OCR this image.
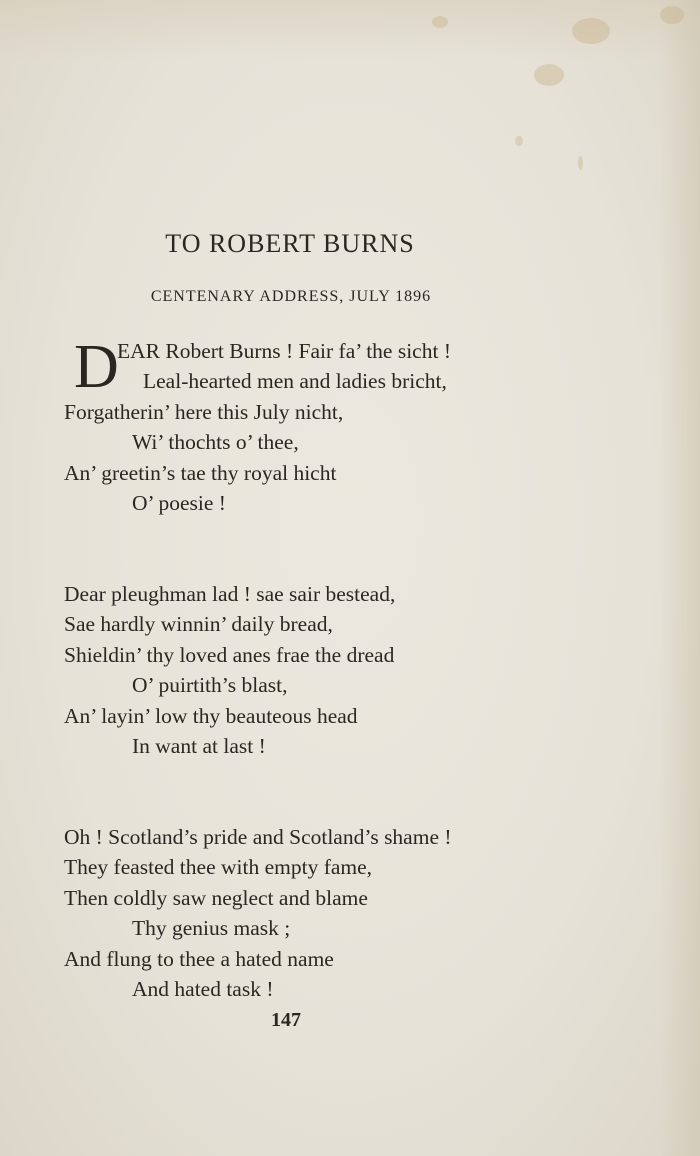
TO ROBERT BURNS
CENTENARY ADDRESS, JULY 1896
D
EAR Robert Burns ! Fair fa’ the sicht !
Leal-hearted men and ladies bricht,
Forgatherin’ here this July nicht,
Wi’ thochts o’ thee,
An’ greetin’s tae thy royal hicht
O’ poesie !
Dear pleughman lad ! sae sair bestead,
Sae hardly winnin’ daily bread,
Shieldin’ thy loved anes frae the dread
O’ puirtith’s blast,
An’ layin’ low thy beauteous head
In want at last !
Oh ! Scotland’s pride and Scotland’s shame !
They feasted thee with empty fame,
Then coldly saw neglect and blame
Thy genius mask ;
And flung to thee a hated name
And hated task !
147
